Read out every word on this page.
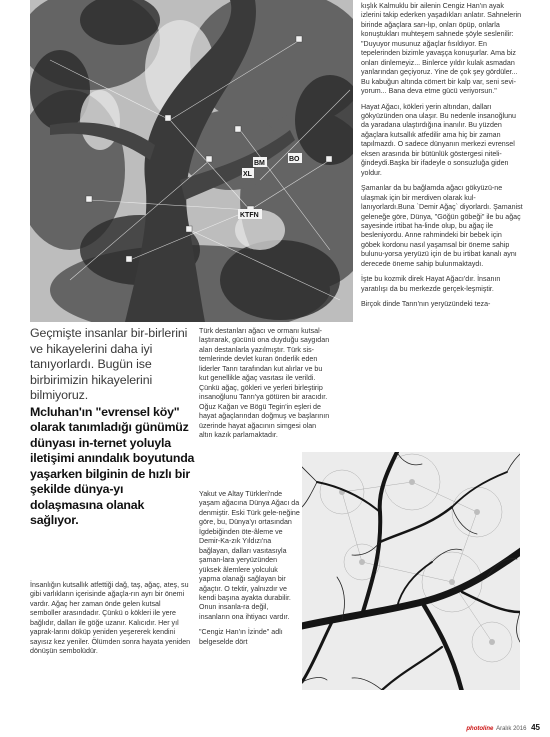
KTFN
BM
BO
XL

kışlık Kalmuklu bir ailenin Cengiz Han'ın ayak izlerini takip ederken yaşadıkları anlatır. Sahnelerin birinde ağaçlara sarı-lıp, onları öpüp, onlarla konuştukları muhteşem sahnede şöyle seslenilir: "Duyuyor musunuz ağaçlar fısıldıyor. En tepelerinden bizimle yavaşça konuşurlar. Ama biz onları dinlemeyiz... Binlerce yıldır kulak asmadan yanlarından geçiyoruz. Yine de çok şey gördüler... Bu kabuğun altında cömert bir kalp var, seni sevi-yorum... Bana deva etme gücü veriyorsun."

Hayat Ağacı, kökleri yerin altından, dalları gökyüzünden ona ulaşır. Bu nedenle insanoğlunu da yaradana ulaştırdığına inanılır. Bu yüzden ağaçlara kutsallık atfedilir ama hiç bir zaman tapılmazdı. O sadece dünyanın merkezi evrensel eksen arasında bir bütünlük göstergesi niteli-ğindeydi.Başka bir ifadeyle o sonsuzluğa giden yoldur.

Şamanlar da bu bağlamda ağacı gökyüzü-ne ulaşmak için bir merdiven olarak kul-lanıyorlardı.Buna `Demir Ağaç` diyorlardı. Şamanist geleneğe göre, Dünya, "Göğün göbeği" ile bu ağaç sayesinde irtibat ha-linde olup, bu ağaç ile besleniyordu. Anne rahmindeki bir bebek için göbek kordonu nasıl yaşamsal bir öneme sahip bulunu-yorsa yeryüzü için de bu irtibat kanalı aynı derecede öneme sahip bulunmaktaydı.

İşte bu kozmik direk Hayat Ağacı'dır. İnsanın yaratılışı da bu merkezde gerçek-leşmiştir.

Birçok dinde Tanrı'nın yeryüzündeki teza-

Geçmişte insanlar bir-birlerini ve hikayelerini daha iyi tanıyorlardı. Bugün ise birbirimizin hikayelerini bilmiyoruz.
Mcluhan'ın "evrensel köy" olarak tanımladığı günümüz dünyası in-ternet yoluyla iletişimi anındalık boyutunda yaşarken bilginin de hızlı bir şekilde dünya-yı dolaşmasına olanak sağlıyor.

Türk destanları ağacı ve ormanı kutsal-laştırarak, gücünü ona duyduğu saygıdan alan destanlarla yazılmıştır. Türk sis-temlerinde devlet kuran önderlik eden liderler Tanrı tarafından kut alırlar ve bu kut genellikle ağaç vasıtası ile verildi. Çünkü ağaç, gökleri ve yerleri birleştirip insanoğlunu Tanrı'ya götüren bir aracıdır. Oğuz Kağan ve Bögü Tegin'in eşleri de hayat ağaçlarından doğmuş ve başlarının üzerinde hayat ağacının simgesi olan altın kazık parlamaktadır.

Yakut ve Altay Türkleri'nde yaşam ağacına Dünya Ağacı da denmiştir. Eski Türk gele-neğine göre, bu, Dünya'yı ortasından İgdebiğinden öte-âleme ve Demir-Ka-zık Yıldızı'na bağlayan, dalları vasıtasıyla şaman-lara yeryüzünden yüksek âlemlere yolculuk yapma olanağı sağlayan bir ağaçtır. O tektir, yalnızdır ve kendi başına ayakta durabilir. Onun insanla-ra değil, insanların ona ihtiyacı vardır.

"Cengiz Han'ın İzinde" adlı belgeselde dört

İnsanlığın kutsallık atfettiği dağ, taş, ağaç, ateş, su gibi varlıkların içerisinde ağaçla-rın ayrı bir önemi vardır. Ağaç her zaman önde gelen kutsal semboller arasındadır. Çünkü o kökleri ile yere bağlıdır, dalları ile göğe uzanır. Kalıcıdır. Her yıl yaprak-larını döküp yeniden yeşererek kendini sayısız kez yeniler. Ölümden sonra hayata yeniden dönüşün sembolüdür.

photoline Aralık 2016 45
